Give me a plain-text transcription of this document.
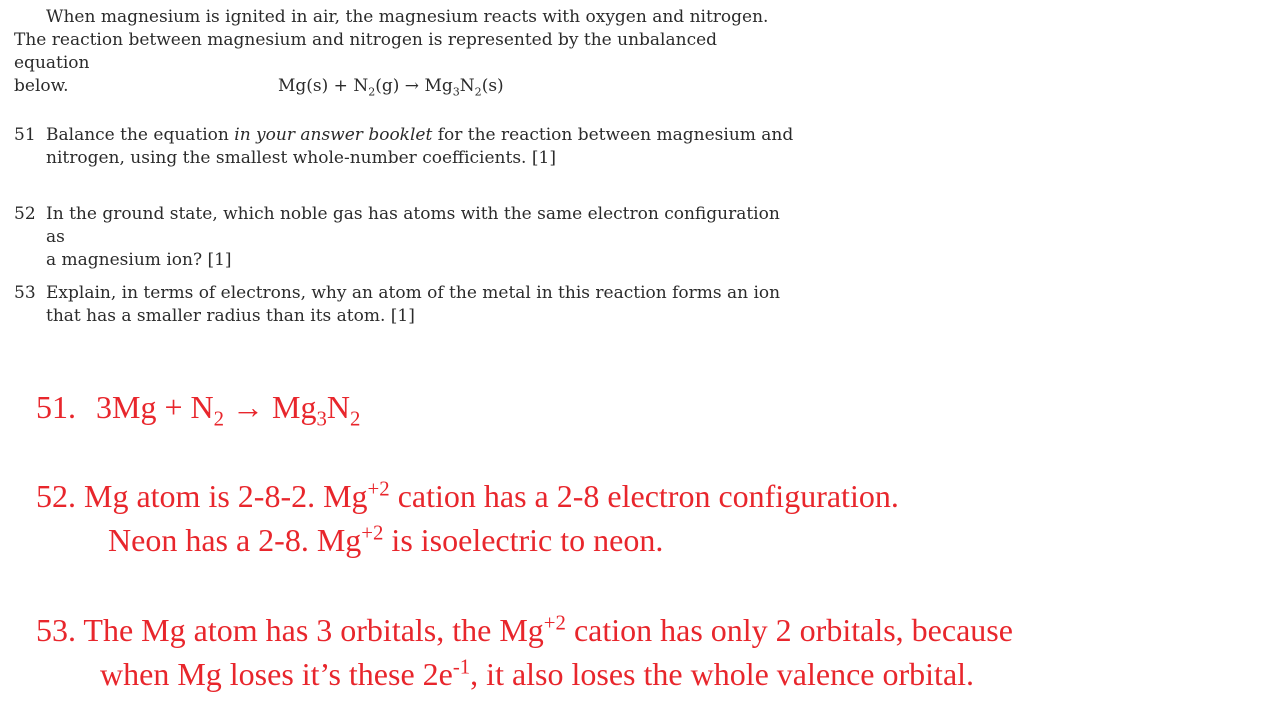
When magnesium is ignited in air, the magnesium reacts with oxygen and nitrogen.
The reaction between magnesium and nitrogen is represented by the unbalanced equation
below.	$Mg(s) + N_2(g) \to Mg_3N_2(s)$
51 Balance the equation in your answer booklet for the reaction between magnesium and
nitrogen, using the smallest whole-number coefficients. [1]
52 In the ground state, which noble gas has atoms with the same electron configuration as
a magnesium ion? [1]
53 Explain, in terms of electrons, why an atom of the metal in this reaction forms an ion
that has a smaller radius than its atom. [1]
51. $3Mg + N_2 \to Mg_3N_2$
52. Mg atom is 2-8-2. $Mg^{+2}$ cation has a 2-8 electron configuration.
Neon has a 2-8. $Mg^{+2}$ is isoelectric to neon.
53. The Mg atom has 3 orbitals, the $Mg^{+2}$ cation has only 2 orbitals, because
when Mg loses it’s these $2e^{-1}$, it also loses the whole valence orbital.
